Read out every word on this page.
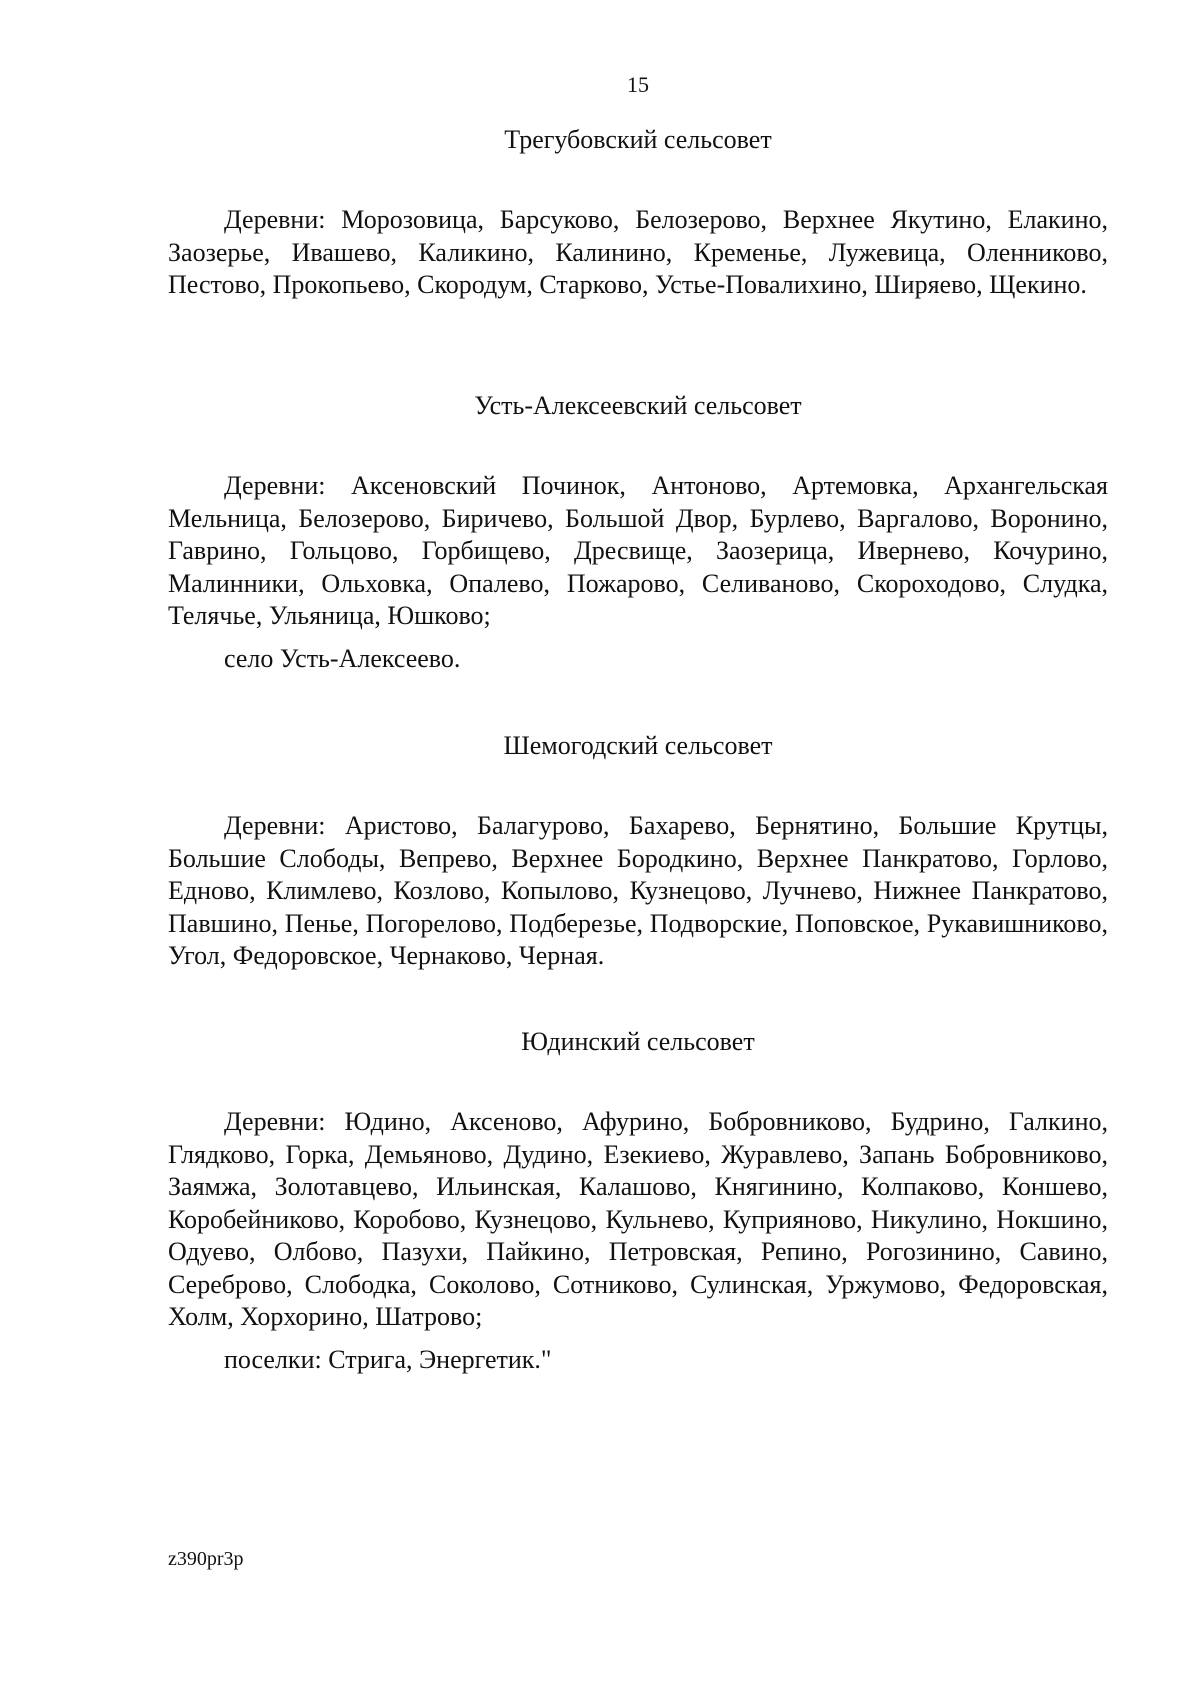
15

Трегубовский сельсовет

Деревни: Морозовица, Барсуково, Белозерово, Верхнее Якутино, Елакино, Заозерье, Ивашево, Каликино, Калинино, Кременье, Лужевица, Оленниково, Пестово, Прокопьево, Скородум, Старково, Устье-Повалихино, Ширяево, Щекино.

Усть-Алексеевский сельсовет

Деревни: Аксеновский Починок, Антоново, Артемовка, Архангельская Мельница, Белозерово, Биричево, Большой Двор, Бурлево, Варгалово, Воронино, Гаврино, Гольцово, Горбищево, Дресвище, Заозерица, Ивернево, Кочурино, Малинники, Ольховка, Опалево, Пожарово, Селиваново, Скороходово, Слудка, Телячье, Ульяница, Юшково;

село Усть-Алексеево.

Шемогодский сельсовет

Деревни: Аристово, Балагурово, Бахарево, Бернятино, Большие Крутцы, Большие Слободы, Вепрево, Верхнее Бородкино, Верхнее Панкратово, Горлово, Едново, Климлево, Козлово, Копылово, Кузнецово, Лучнево, Нижнее Панкратово, Павшино, Пенье, Погорелово, Подберезье, Подворские, Поповское, Рукавишниково, Угол, Федоровское, Чернаково, Черная.

Юдинский сельсовет

Деревни: Юдино, Аксеново, Афурино, Бобровниково, Будрино, Галкино, Глядково, Горка, Демьяново, Дудино, Езекиево, Журавлево, Запань Бобровниково, Заямжа, Золотавцево, Ильинская, Калашово, Княгинино, Колпаково, Коншево, Коробейниково, Коробово, Кузнецово, Кульнево, Куприяново, Никулино, Нокшино, Одуево, Олбово, Пазухи, Пайкино, Петровская, Репино, Рогозинино, Савино, Сереброво, Слободка, Соколово, Сотниково, Сулинская, Уржумово, Федоровская, Холм, Хорхорино, Шатрово;

поселки: Стрига, Энергетик."

z390pr3p
